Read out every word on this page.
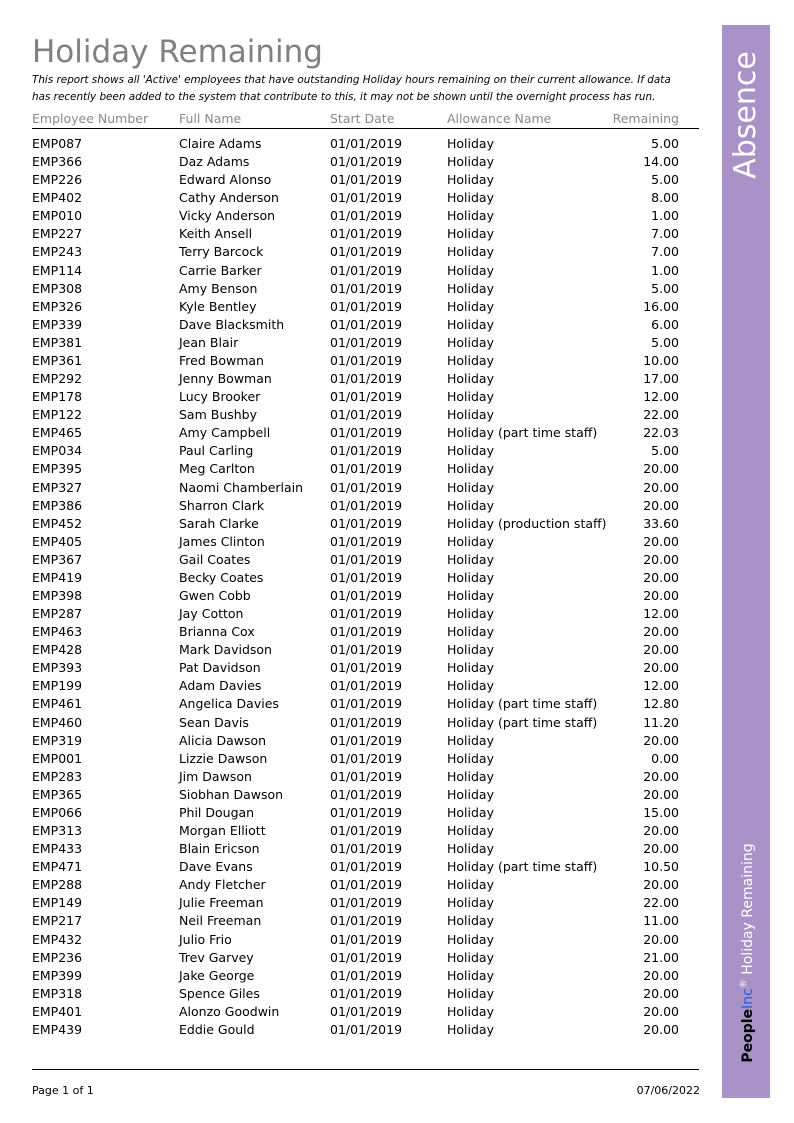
Holiday Remaining
This report shows all 'Active' employees that have outstanding Holiday hours remaining on their current allowance. If data has recently been added to the system that contribute to this, it may not be shown until the overnight process has run.
Employee Number Full Name	Start Date	Allowance Name	Remaining
EMP087	Claire Adams	01/01/2019	Holiday	5.00
EMP366	Daz Adams	01/01/2019	Holiday	14.00
EMP226	Edward Alonso	01/01/2019	Holiday	5.00
EMP402	Cathy Anderson	01/01/2019	Holiday	8.00
EMP010	Vicky Anderson	01/01/2019	Holiday	1.00
EMP227	Keith Ansell	01/01/2019	Holiday	7.00
EMP243	Terry Barcock	01/01/2019	Holiday	7.00
EMP114	Carrie Barker	01/01/2019	Holiday	1.00
EMP308	Amy Benson	01/01/2019	Holiday	5.00
EMP326	Kyle Bentley	01/01/2019	Holiday	16.00
EMP339	Dave Blacksmith	01/01/2019	Holiday	6.00
EMP381	Jean Blair	01/01/2019	Holiday	5.00
EMP361	Fred Bowman	01/01/2019	Holiday	10.00
EMP292	Jenny Bowman	01/01/2019	Holiday	17.00
EMP178	Lucy Brooker	01/01/2019	Holiday	12.00
EMP122	Sam Bushby	01/01/2019	Holiday	22.00
EMP465	Amy Campbell	01/01/2019	Holiday (part time staff)	22.03
EMP034	Paul Carling	01/01/2019	Holiday	5.00
EMP395	Meg Carlton	01/01/2019	Holiday	20.00
EMP327	Naomi Chamberlain 01/01/2019	Holiday	20.00
EMP386	Sharron Clark	01/01/2019	Holiday	20.00
EMP452	Sarah Clarke	01/01/2019	Holiday (production staff)	33.60
EMP405	James Clinton	01/01/2019	Holiday	20.00
EMP367	Gail Coates	01/01/2019	Holiday	20.00
EMP419	Becky Coates	01/01/2019	Holiday	20.00
EMP398	Gwen Cobb	01/01/2019	Holiday	20.00
EMP287	Jay Cotton	01/01/2019	Holiday	12.00
EMP463	Brianna Cox	01/01/2019	Holiday	20.00
EMP428	Mark Davidson	01/01/2019	Holiday	20.00
EMP393	Pat Davidson	01/01/2019	Holiday	20.00
EMP199	Adam Davies	01/01/2019	Holiday	12.00
EMP461	Angelica Davies	01/01/2019	Holiday (part time staff)	12.80
EMP460	Sean Davis	01/01/2019	Holiday (part time staff)	11.20
EMP319	Alicia Dawson	01/01/2019	Holiday	20.00
EMP001	Lizzie Dawson	01/01/2019	Holiday	0.00
EMP283	Jim Dawson	01/01/2019	Holiday	20.00
EMP365	Siobhan Dawson	01/01/2019	Holiday	20.00
EMP066	Phil Dougan	01/01/2019	Holiday	15.00
EMP313	Morgan Elliott	01/01/2019	Holiday	20.00
EMP433	Blain Ericson	01/01/2019	Holiday	20.00
EMP471	Dave Evans	01/01/2019	Holiday (part time staff)	10.50
EMP288	Andy Fletcher	01/01/2019	Holiday	20.00
EMP149	Julie Freeman	01/01/2019	Holiday	22.00
EMP217	Neil Freeman	01/01/2019	Holiday	11.00
EMP432	Julio Frio	01/01/2019	Holiday	20.00
EMP236	Trev Garvey	01/01/2019	Holiday	21.00
EMP399	Jake George	01/01/2019	Holiday	20.00
EMP318	Spence Giles	01/01/2019	Holiday	20.00
EMP401	Alonzo Goodwin	01/01/2019	Holiday	20.00
EMP439	Eddie Gould	01/01/2019	Holiday	20.00
Page 1 of 1	07/06/2022
Absence
PeopleInc® Holiday Remaining
